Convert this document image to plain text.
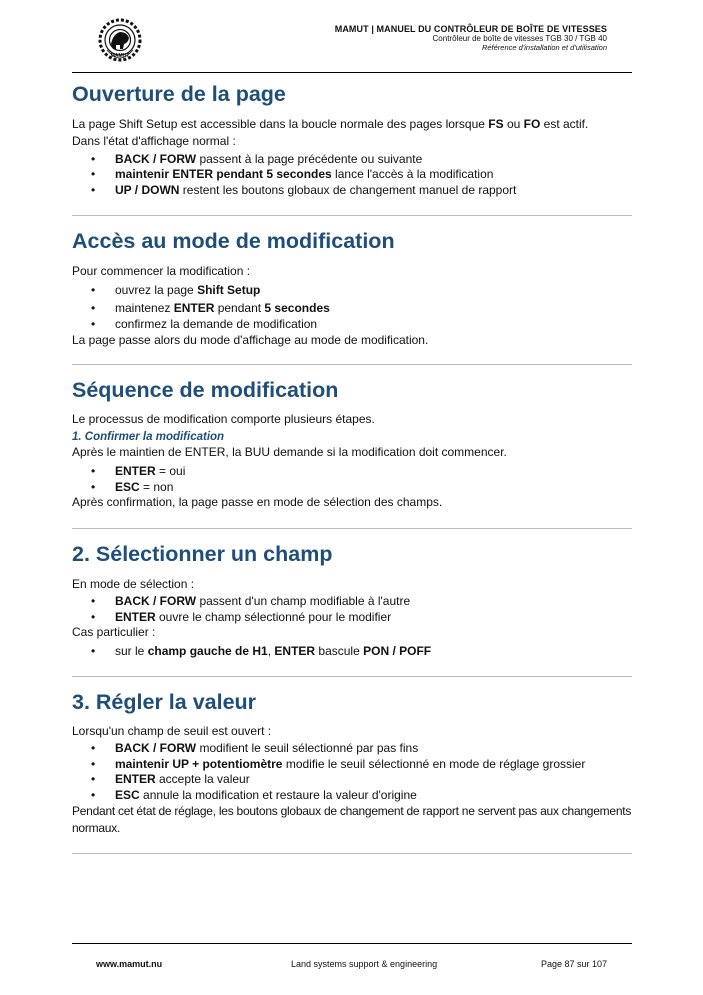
MAMUT
MAMUT | MANUEL DU CONTRÔLEUR DE BOÎTE DE VITESSES
Contrôleur de boîte de vitesses TGB 30 / TGB 40
Référence d'installation et d'utilisation
Ouverture de la page

La page Shift Setup est accessible dans la boucle normale des pages lorsque FS ou FO est actif.

Dans l'état d'affichage normal :

• BACK / FORW passent à la page précédente ou suivante
• maintenir ENTER pendant 5 secondes lance l'accès à la modification
• UP / DOWN restent les boutons globaux de changement manuel de rapport
Accès au mode de modification

Pour commencer la modification :

• ouvrez la page Shift Setup
• maintenez ENTER pendant 5 secondes
• confirmez la demande de modification

La page passe alors du mode d'affichage au mode de modification.

Séquence de modification

Le processus de modification comporte plusieurs étapes.

1. Confirmer la modification

Après le maintien de ENTER, la BUU demande si la modification doit commencer.

• ENTER = oui
• ESC = non

Après confirmation, la page passe en mode de sélection des champs.

2. Sélectionner un champ

En mode de sélection :

• BACK / FORW passent d'un champ modifiable à l'autre
• ENTER ouvre le champ sélectionné pour le modifier

Cas particulier :

• sur le champ gauche de H1, ENTER bascule PON / POFF
3. Régler la valeur

Lorsqu'un champ de seuil est ouvert :

• BACK / FORW modifient le seuil sélectionné par pas fins
• maintenir UP + potentiomètre modifie le seuil sélectionné en mode de réglage grossier
• ENTER accepte la valeur
• ESC annule la modification et restaure la valeur d'origine

Pendant cet état de réglage, les boutons globaux de changement de rapport ne servent pas aux changements normaux.

www.mamut.nu	Land systems support & engineering	Page 87 sur 107
